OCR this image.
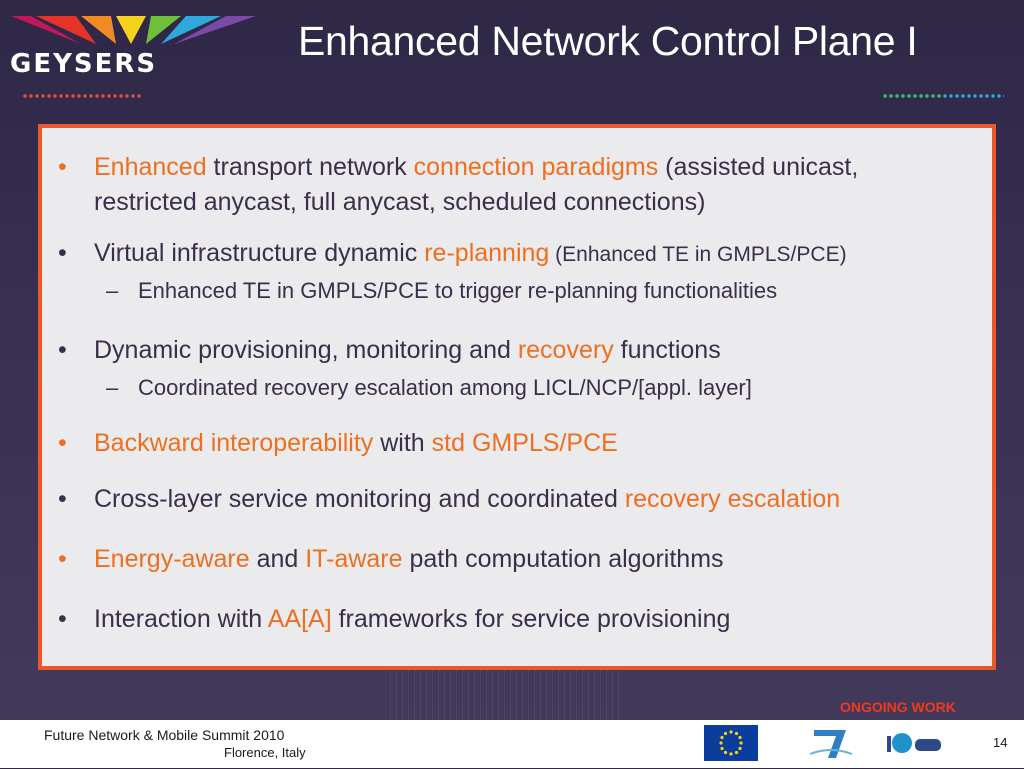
GEYSERS	Enhanced Network Control Plane I
• Enhanced transport network connection paradigms (assisted unicast,
restricted anycast, full anycast, scheduled connections)
• Virtual infrastructure dynamic re-planning (Enhanced TE in GMPLS/PCE)
– Enhanced TE in GMPLS/PCE to trigger re-planning functionalities
• Dynamic provisioning, monitoring and recovery functions
– Coordinated recovery escalation among LICL/NCP/[appl. layer]
• Backward interoperability with std GMPLS/PCE
• Cross-layer service monitoring and coordinated recovery escalation
• Energy-aware and IT-aware path computation algorithms
• Interaction with AA[A] frameworks for service provisioning
ONGOING WORK
Future Network & Mobile Summit 2010
Florence, Italy
14
